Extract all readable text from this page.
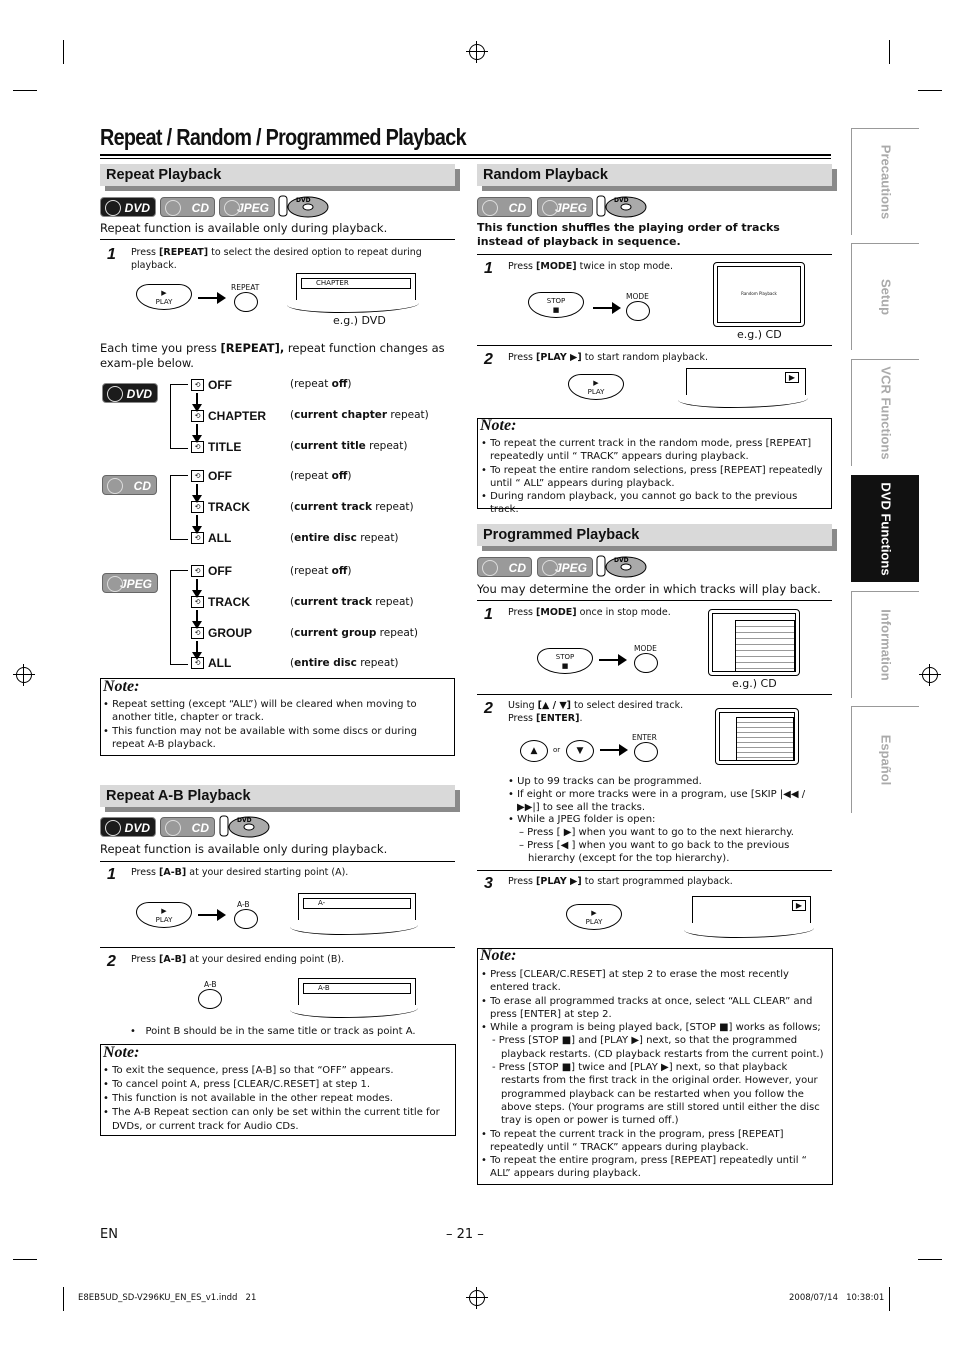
Repeat / Random / Programmed Playback
Precautions
Setup
VCR Functions
DVD Functions
Information
Español
Repeat Playback
DVD	CD	JPEG
DVD
Repeat function is available only during playback.
1 Press [REPEAT] to select the desired option to repeat during playback.
▶
PLAY
REPEAT	CHAPTER
e.g.) DVD
Each time you press [REPEAT], repeat function changes as exam-ple below.
DVD
⟲ OFF	(repeat off)
⟲ CHAPTER (current chapter repeat)
⟲ TITLE	(current title repeat)
CD
⟲ OFF	(repeat off)
⟲ TRACK	(current track repeat)
⟲ ALL	(entire disc repeat)
JPEG
⟲ OFF	(repeat off)
⟲ TRACK	(current track repeat)
⟲ GROUP	(current group repeat)
⟲ ALL	(entire disc repeat)
Note:
• Repeat setting (except “ALL”) will be cleared when moving to another title, chapter or track.
• This function may not be available with some discs or during repeat A-B playback.
Repeat A-B Playback
DVD	CD
DVD
Repeat function is available only during playback.
1 Press [A-B] at your desired starting point (A).
▶
PLAY
A-B	A-
2 Press [A-B] at your desired ending point (B).
A-B	A-B
•   Point B should be in the same title or track as point A.
Note:
• To exit the sequence, press [A-B] so that “OFF” appears.
• To cancel point A, press [CLEAR/C.RESET] at step 1.
• This function is not available in the other repeat modes.
• The A-B Repeat section can only be set within the current title for DVDs, or current track for Audio CDs.
Random Playback
CD	JPEG
DVD
This function shuffles the playing order of tracks instead of playback in sequence.
1 Press [MODE] twice in stop mode.
STOP
■
MODE	Random Playback
e.g.) CD
2 Press [PLAY ▶] to start random playback.
▶
PLAY
▶
Note:
• To repeat the current track in the random mode, press [REPEAT] repeatedly until “ TRACK” appears during playback.
• To repeat the entire random selections, press [REPEAT] repeatedly until “ ALL” appears during playback.
• During random playback, you cannot go back to the previous track.
Programmed Playback
CD	JPEG
DVD
You may determine the order in which tracks will play back.
1 Press [MODE] once in stop mode.
STOP
■
MODE
e.g.) CD
2 Using [▲ / ▼] to select desired track.
Press [ENTER].
▲	or	▼
ENTER
• Up to 99 tracks can be programmed.
• If eight or more tracks were in a program, use [SKIP |◀◀ / ▶▶|] to see all the tracks.
• While a JPEG folder is open:
– Press [ ▶] when you want to go to the next hierarchy.
– Press [◀ ] when you want to go back to the previous hierarchy (except for the top hierarchy).
3 Press [PLAY ▶] to start programmed playback.
▶
PLAY
▶
Note:
• Press [CLEAR/C.RESET] at step 2 to erase the most recently entered track.
• To erase all programmed tracks at once, select “ALL CLEAR” and press [ENTER] at step 2.
• While a program is being played back, [STOP ■] works as follows;
- Press [STOP ■] and [PLAY ▶] next, so that the programmed playback restarts. (CD playback restarts from the current point.)
- Press [STOP ■] twice and [PLAY ▶] next, so that playback restarts from the first track in the original order. However, your programmed playback can be restarted when you follow the above steps. (Your programs are still stored until either the disc tray is open or power is turned off.)
• To repeat the current track in the program, press [REPEAT] repeatedly until “ TRACK” appears during playback.
• To repeat the entire program, press [REPEAT] repeatedly until “ ALL” appears during playback.
EN	– 21 –
E8EB5UD_SD-V296KU_EN_ES_v1.indd   21	2008/07/14   10:38:01
